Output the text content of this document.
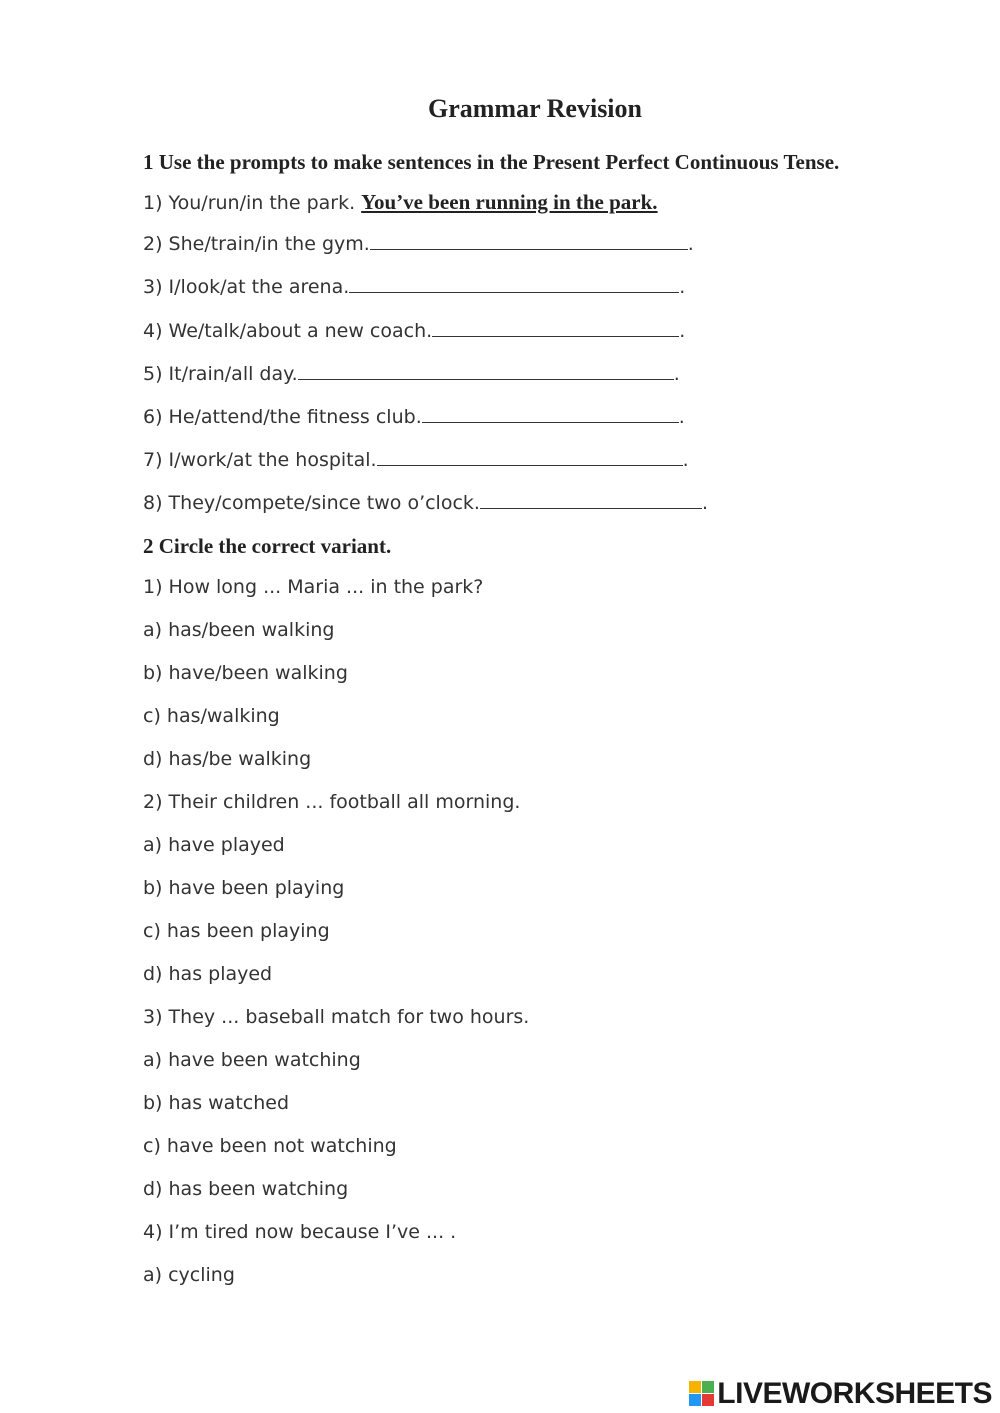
Grammar Revision
1 Use the prompts to make sentences in the Present Perfect Continuous Tense.
1) You/run/in the park. You’ve been running in the park.
2) She/train/in the gym.	.
3) I/look/at the arena.	.
4) We/talk/about a new coach.	.
5) It/rain/all day.	.
6) He/attend/the fitness club.	.
7) I/work/at the hospital.	.
8) They/compete/since two o’clock.	.
2 Circle the correct variant.
1) How long ... Maria ... in the park?
a) has/been walking
b) have/been walking
c) has/walking
d) has/be walking
2) Their children ... football all morning.
a) have played
b) have been playing
c) has been playing
d) has played
3) They ... baseball match for two hours.
a) have been watching
b) has watched
c) have been not watching
d) has been watching
4) I’m tired now because I’ve ... .
a) cycling
LIVEWORKSHEETS
